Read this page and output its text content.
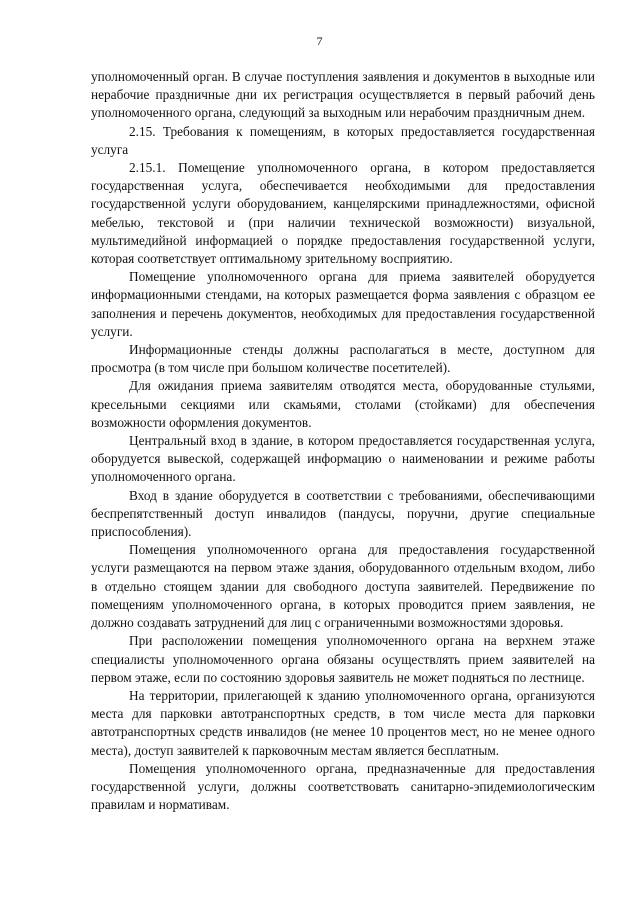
7

уполномоченный орган. В случае поступления заявления и документов в выходные или нерабочие праздничные дни их регистрация осуществляется в первый рабочий день уполномоченного органа, следующий за выходным или нерабочим праздничным днем.

2.15. Требования к помещениям, в которых предоставляется государственная услуга

2.15.1. Помещение уполномоченного органа, в котором предоставляется государственная услуга, обеспечивается необходимыми для предоставления государственной услуги оборудованием, канцелярскими принадлежностями, офисной мебелью, текстовой и (при наличии технической возможности) визуальной, мультимедийной информацией о порядке предоставления государственной услуги, которая соответствует оптимальному зрительному восприятию.

Помещение уполномоченного органа для приема заявителей оборудуется информационными стендами, на которых размещается форма заявления с образцом ее заполнения и перечень документов, необходимых для предоставления государственной услуги.

Информационные стенды должны располагаться в месте, доступном для просмотра (в том числе при большом количестве посетителей).

Для ожидания приема заявителям отводятся места, оборудованные стульями, кресельными секциями или скамьями, столами (стойками) для обеспечения возможности оформления документов.

Центральный вход в здание, в котором предоставляется государственная услуга, оборудуется вывеской, содержащей информацию о наименовании и режиме работы уполномоченного органа.

Вход в здание оборудуется в соответствии с требованиями, обеспечивающими беспрепятственный доступ инвалидов (пандусы, поручни, другие специальные приспособления).

Помещения уполномоченного органа для предоставления государственной услуги размещаются на первом этаже здания, оборудованного отдельным входом, либо в отдельно стоящем здании для свободного доступа заявителей. Передвижение по помещениям уполномоченного органа, в которых проводится прием заявления, не должно создавать затруднений для лиц с ограниченными возможностями здоровья.

При расположении помещения уполномоченного органа на верхнем этаже специалисты уполномоченного органа обязаны осуществлять прием заявителей на первом этаже, если по состоянию здоровья заявитель не может подняться по лестнице.

На территории, прилегающей к зданию уполномоченного органа, организуются места для парковки автотранспортных средств, в том числе места для парковки автотранспортных средств инвалидов (не менее 10 процентов мест, но не менее одного места), доступ заявителей к парковочным местам является бесплатным.

Помещения уполномоченного органа, предназначенные для предоставления государственной услуги, должны соответствовать санитарно-эпидемиологическим правилам и нормативам.
